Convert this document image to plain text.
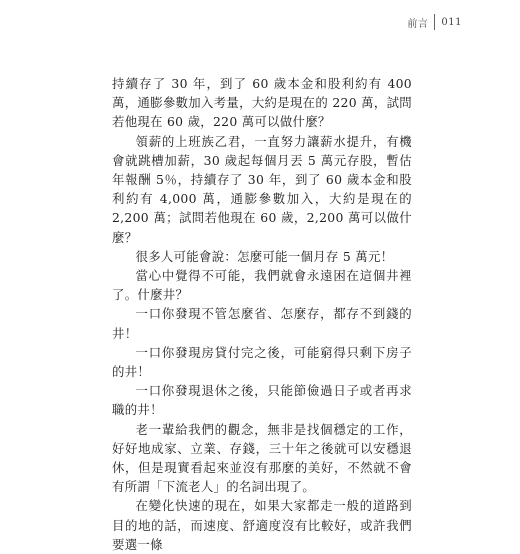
前言 011

持續存了 30 年，到了 60 歲本金和股利約有 400 萬，通膨參數加入考量，大約是現在的 220 萬，試問若他現在 60 歲，220 萬可以做什麼？

領薪的上班族乙君，一直努力讓薪水提升，有機會就跳槽加薪，30 歲起每個月丟 5 萬元存股，暫估年報酬 5％，持續存了 30 年，到了 60 歲本金和股利約有 4,000 萬，通膨參數加入，大約是現在的 2,200 萬；試問若他現在 60 歲，2,200 萬可以做什麼？

很多人可能會說：怎麼可能一個月存 5 萬元！

當心中覺得不可能，我們就會永遠困在這個井裡了。什麼井？

一口你發現不管怎麼省、怎麼存，都存不到錢的井！

一口你發現房貸付完之後，可能窮得只剩下房子的井！

一口你發現退休之後，只能節儉過日子或者再求職的井！

老一輩給我們的觀念，無非是找個穩定的工作，好好地成家、立業、存錢，三十年之後就可以安穩退休，但是現實看起來並沒有那麼的美好，不然就不會有所謂「下流老人」的名詞出現了。

在變化快速的現在，如果大家都走一般的道路到目的地的話，而速度、舒適度沒有比較好，或許我們要選一條
